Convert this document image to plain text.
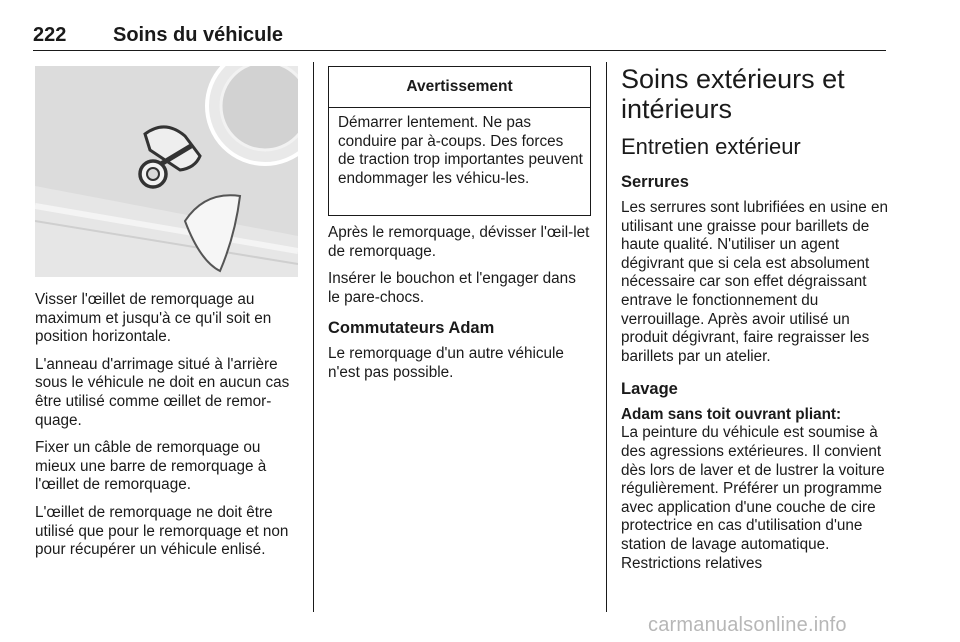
222 Soins du véhicule

Visser l'œillet de remorquage au maximum et jusqu'à ce qu'il soit en position horizontale.

L'anneau d'arrimage situé à l'arrière sous le véhicule ne doit en aucun cas être utilisé comme œillet de remor-quage.

Fixer un câble de remorquage ou mieux une barre de remorquage à l'œillet de remorquage.

L'œillet de remorquage ne doit être utilisé que pour le remorquage et non pour récupérer un véhicule enlisé.

Avertissement

Démarrer lentement. Ne pas conduire par à-coups. Des forces de traction trop importantes peuvent endommager les véhicu-les.

Après le remorquage, dévisser l'œil-let de remorquage.

Insérer le bouchon et l'engager dans le pare-chocs.

Commutateurs Adam

Le remorquage d'un autre véhicule n'est pas possible.

Soins extérieurs et intérieurs

Entretien extérieur

Serrures

Les serrures sont lubrifiées en usine en utilisant une graisse pour barillets de haute qualité. N'utiliser un agent dégivrant que si cela est absolument nécessaire car son effet dégraissant entrave le fonctionnement du verrouillage. Après avoir utilisé un produit dégivrant, faire regraisser les barillets par un atelier.

Lavage

Adam sans toit ouvrant pliant:

La peinture du véhicule est soumise à des agressions extérieures. Il convient dès lors de laver et de lustrer la voiture régulièrement. Préférer un programme avec application d'une couche de cire protectrice en cas d'utilisation d'une station de lavage automatique. Restrictions relatives

carmanualsonline.info
